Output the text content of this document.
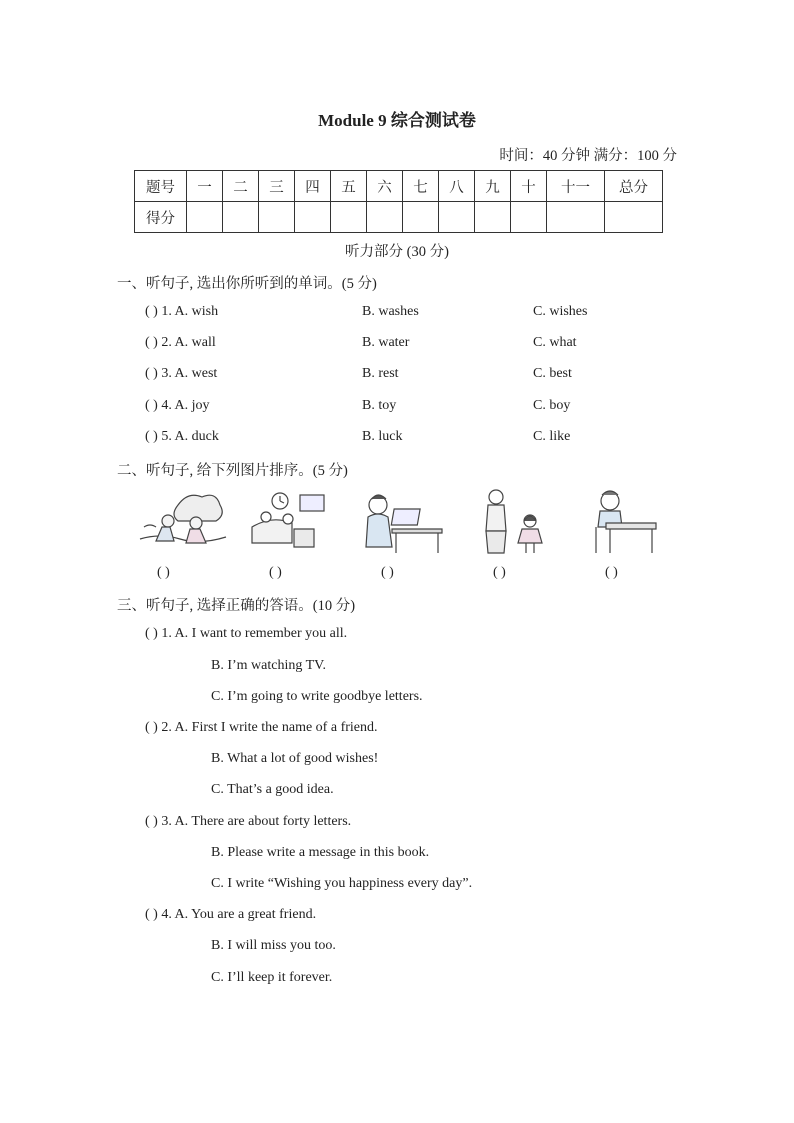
Module 9 综合测试卷
时间：40 分钟 满分：100 分
题号	一	二	三	四	五	六	七	八	九	十	十一	总分
得分												
听力部分 (30 分)
一、听句子, 选出你所听到的单词。(5 分)
( ) 1. A. wish	B. washes	C. wishes
( ) 2. A. wall	B. water	C. what
( ) 3. A. west	B. rest	C. best
( ) 4. A. joy	B. toy	C. boy
( ) 5. A. duck	B. luck	C. like
二、听句子, 给下列图片排序。(5 分)
( )	( )	( )	( )	( )
三、听句子, 选择正确的答语。(10 分)
( ) 1. A. I want to remember you all.
B. I’m watching TV.
C. I’m going to write goodbye letters.
( ) 2. A. First I write the name of a friend.
B. What a lot of good wishes!
C. That’s a good idea.
( ) 3. A. There are about forty letters.
B. Please write a message in this book.
C. I write “Wishing you happiness every day”.
( ) 4. A. You are a great friend.
B. I will miss you too.
C. I’ll keep it forever.
